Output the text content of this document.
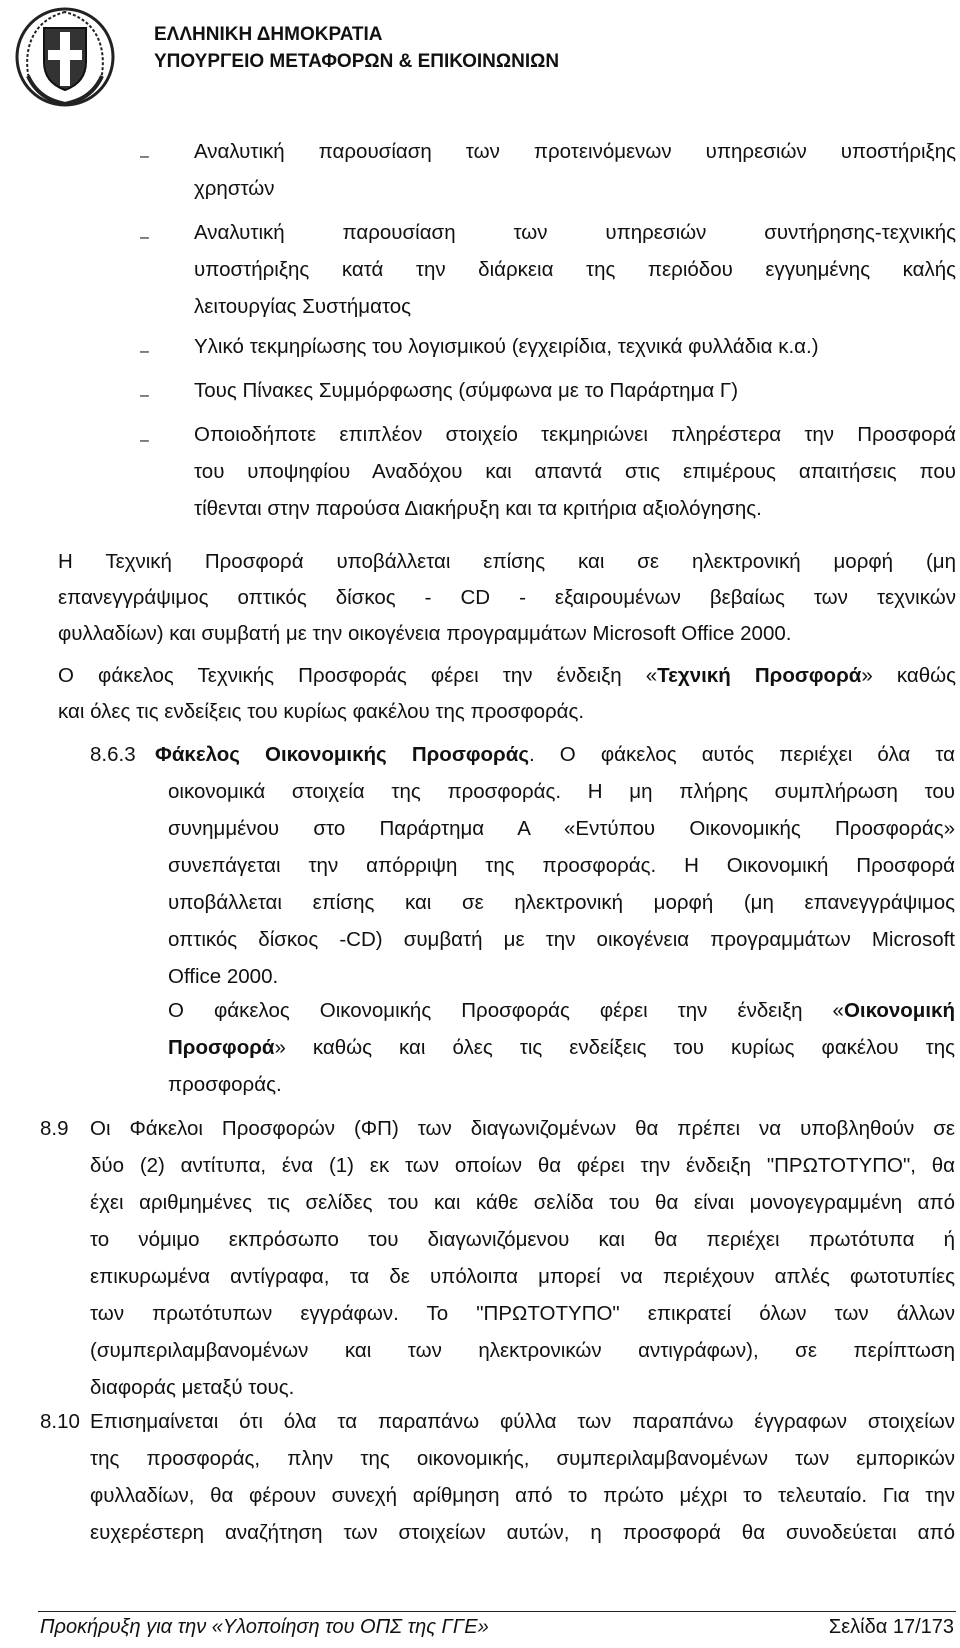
ΕΛΛΗΝΙΚΗ ΔΗΜΟΚΡΑΤΙΑ
ΥΠΟΥΡΓΕΙΟ ΜΕΤΑΦΟΡΩΝ & ΕΠΙΚΟΙΝΩΝΙΩΝ
–	Αναλυτική παρουσίαση των προτεινόμενων υπηρεσιών υποστήριξης
χρηστών
–	Αναλυτική παρουσίαση των υπηρεσιών συντήρησης-τεχνικής
υποστήριξης κατά την διάρκεια της περιόδου εγγυημένης καλής
λειτουργίας Συστήματος
–	Υλικό τεκμηρίωσης του λογισμικού (εγχειρίδια, τεχνικά φυλλάδια κ.α.)
–	Τους Πίνακες Συμμόρφωσης (σύμφωνα με το Παράρτημα Γ)
–	Οποιοδήποτε επιπλέον στοιχείο τεκμηριώνει πληρέστερα την Προσφορά
του υποψηφίου Αναδόχου και απαντά στις επιμέρους απαιτήσεις που
τίθενται στην παρούσα Διακήρυξη και τα κριτήρια αξιολόγησης.
Η Τεχνική Προσφορά υποβάλλεται επίσης και σε ηλεκτρονική μορφή (μη
επανεγγράψιμος οπτικός δίσκος - CD - εξαιρουμένων βεβαίως των τεχνικών
φυλλαδίων) και συμβατή με την οικογένεια προγραμμάτων Microsoft Office 2000.
Ο φάκελος Τεχνικής Προσφοράς φέρει την ένδειξη «Τεχνική Προσφορά» καθώς
και όλες τις ενδείξεις του κυρίως φακέλου της προσφοράς.
8.6.3 Φάκελος Οικονομικής Προσφοράς. Ο φάκελος αυτός περιέχει όλα τα
οικονομικά στοιχεία της προσφοράς. Η μη πλήρης συμπλήρωση του
συνημμένου στο Παράρτημα Α «Εντύπου Οικονομικής Προσφοράς»
συνεπάγεται την απόρριψη της προσφοράς. Η Οικονομική Προσφορά
υποβάλλεται επίσης και σε ηλεκτρονική μορφή (μη επανεγγράψιμος
οπτικός δίσκος -CD) συμβατή με την οικογένεια προγραμμάτων Microsoft
Office 2000.
Ο φάκελος Οικονομικής Προσφοράς φέρει την ένδειξη «Οικονομική
Προσφορά» καθώς και όλες τις ενδείξεις του κυρίως φακέλου της
προσφοράς.
8.9 Οι Φάκελοι Προσφορών (ΦΠ) των διαγωνιζομένων θα πρέπει να υποβληθούν σε
δύο (2) αντίτυπα, ένα (1) εκ των οποίων θα φέρει την ένδειξη "ΠΡΩΤΟΤΥΠΟ", θα
έχει αριθμημένες τις σελίδες του και κάθε σελίδα του θα είναι μονογεγραμμένη από
το νόμιμο εκπρόσωπο του διαγωνιζόμενου και θα περιέχει πρωτότυπα ή
επικυρωμένα αντίγραφα, τα δε υπόλοιπα μπορεί να περιέχουν απλές φωτοτυπίες
των πρωτότυπων εγγράφων. Το "ΠΡΩΤΟΤΥΠΟ" επικρατεί όλων των άλλων
(συμπεριλαμβανομένων και των ηλεκτρονικών αντιγράφων), σε περίπτωση
διαφοράς μεταξύ τους.
8.10 Επισημαίνεται ότι όλα τα παραπάνω φύλλα των παραπάνω έγγραφων στοιχείων
της προσφοράς, πλην της οικονομικής, συμπεριλαμβανομένων των εμπορικών
φυλλαδίων, θα φέρουν συνεχή αρίθμηση από το πρώτο μέχρι το τελευταίο. Για την
ευχερέστερη αναζήτηση των στοιχείων αυτών, η προσφορά θα συνοδεύεται από
Προκήρυξη για την «Υλοποίηση του ΟΠΣ της ΓΓΕ»	Σελίδα 17/173
